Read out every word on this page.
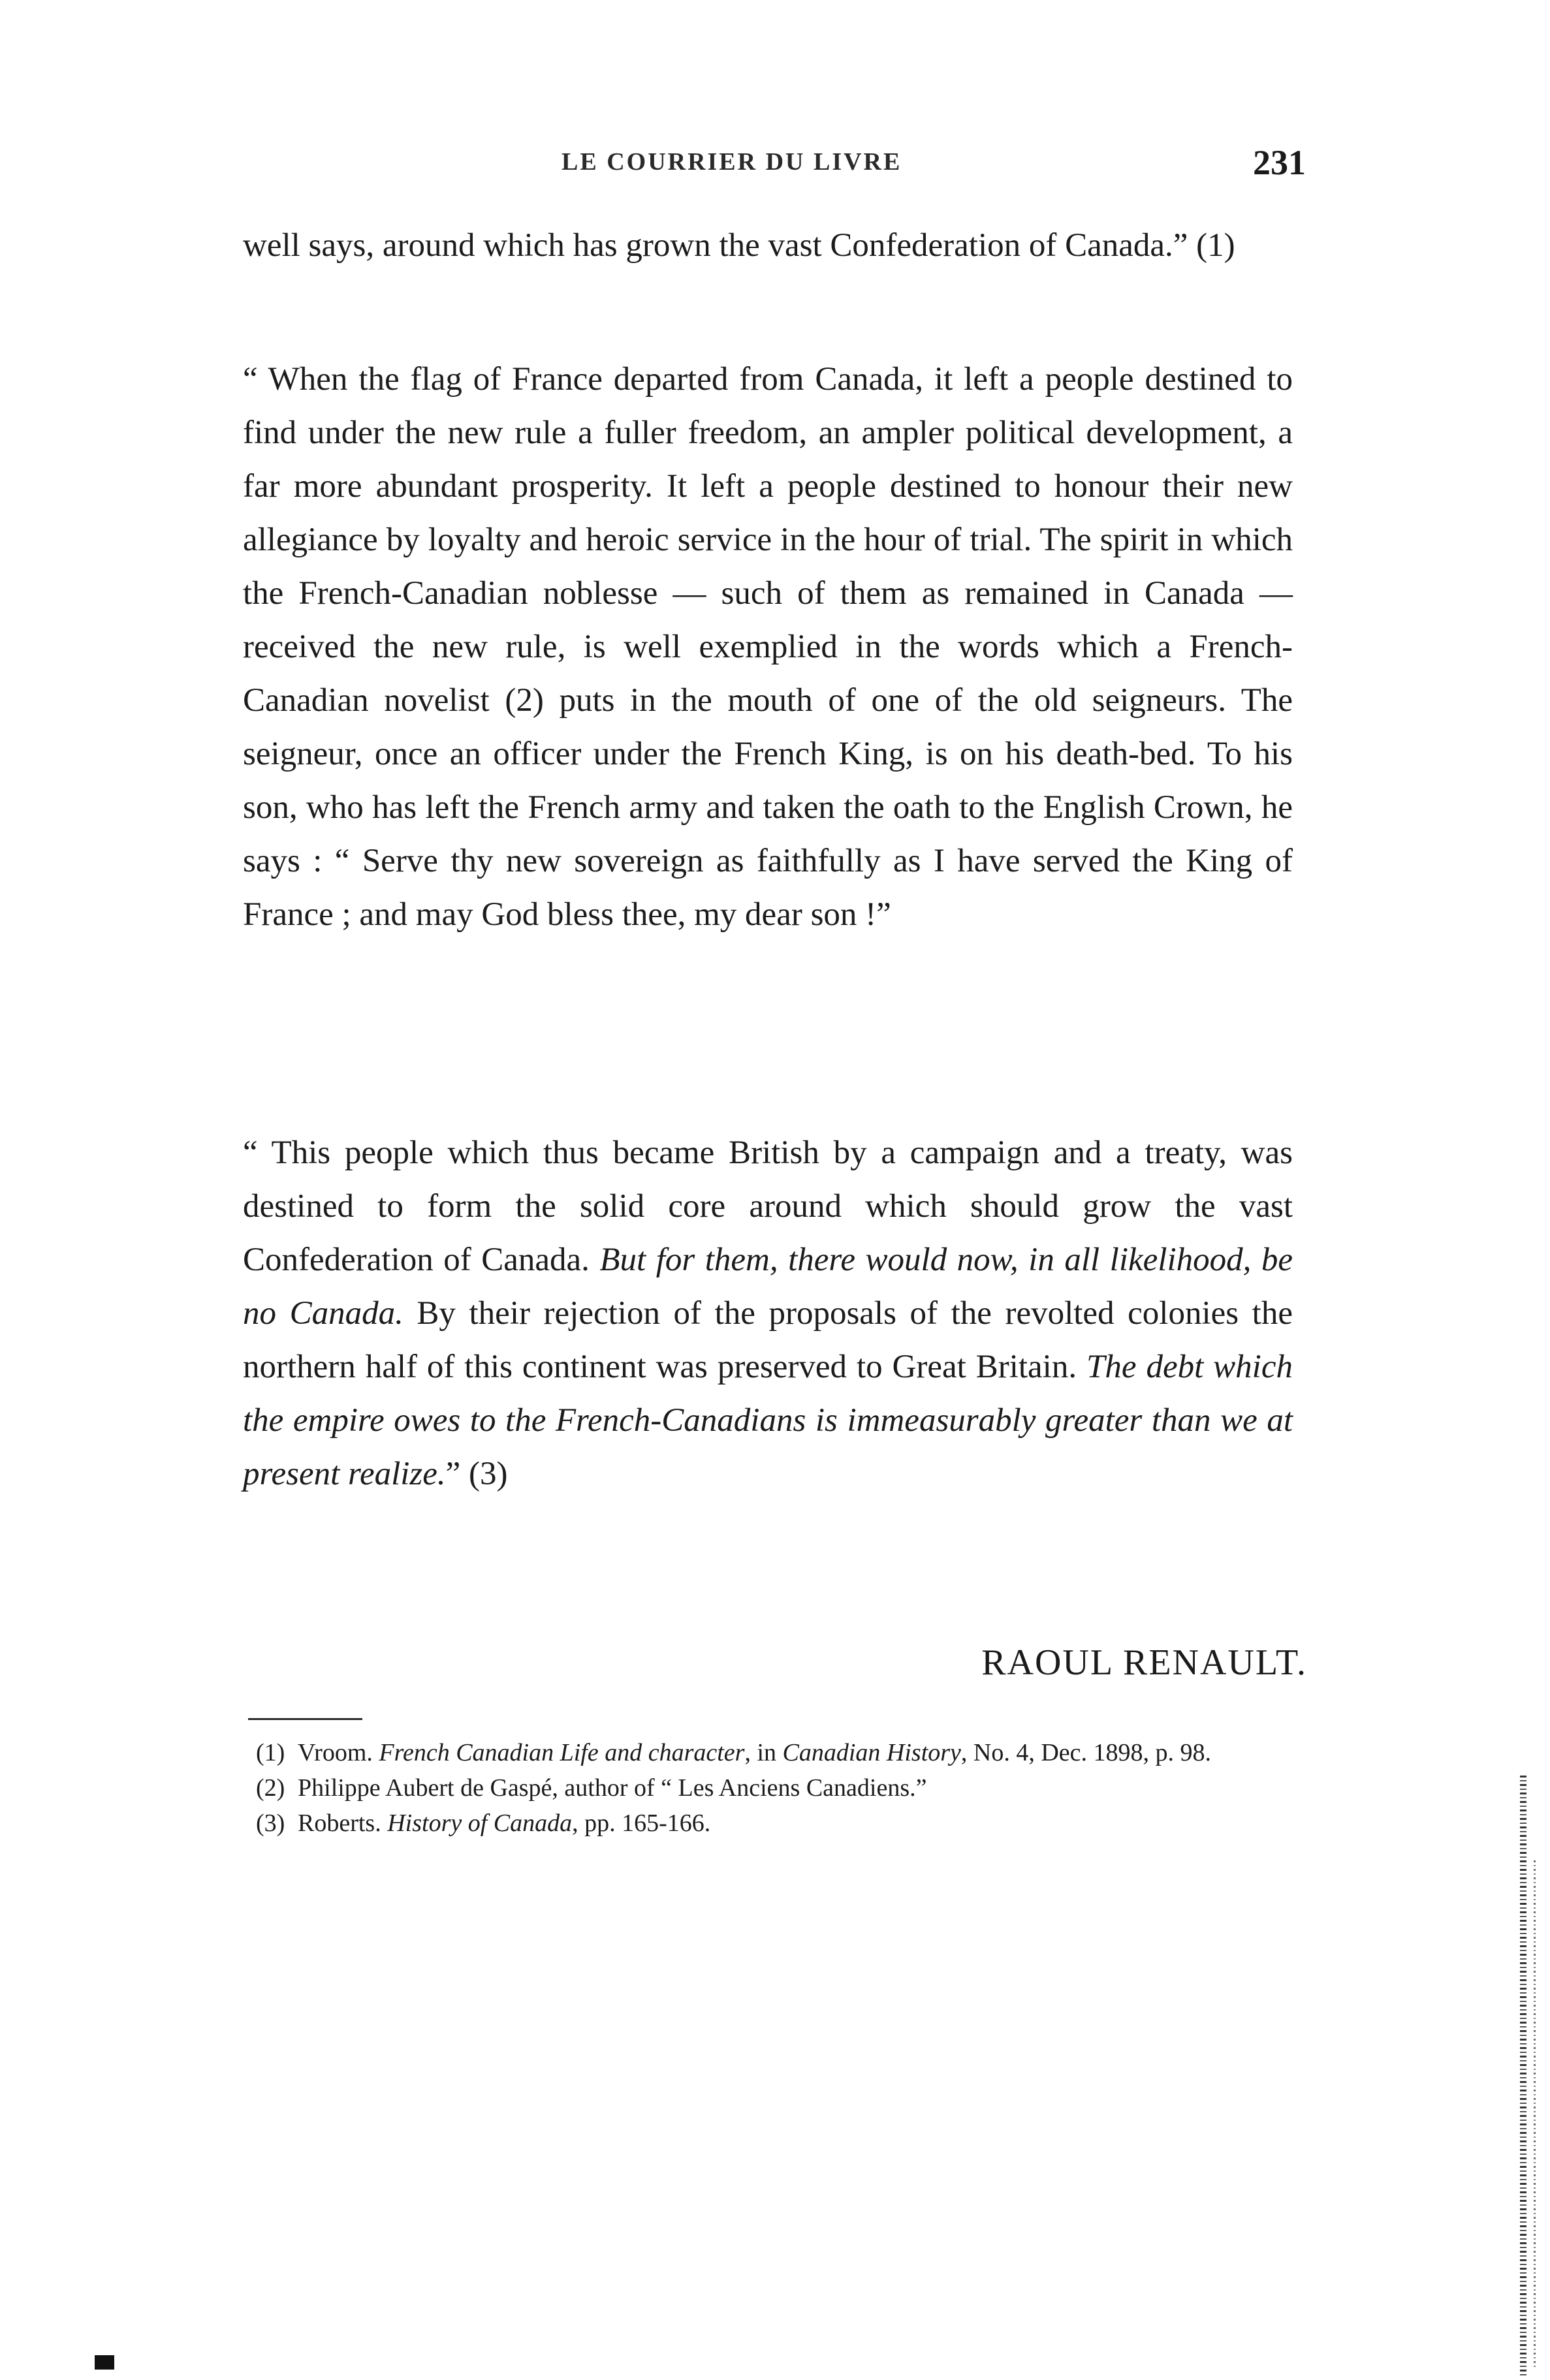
LE COURRIER DU LIVRE	231

well says, around which has grown the vast Confederation of Canada.” (1)

“ When the flag of France departed from Canada, it left a people destined to find under the new rule a fuller freedom, an ampler political development, a far more abundant prosperity. It left a people destined to honour their new allegiance by loyalty and heroic service in the hour of trial. The spirit in which the French-Canadian noblesse — such of them as remained in Canada — received the new rule, is well exemplied in the words which a French-Canadian novelist (2) puts in the mouth of one of the old seigneurs. The seigneur, once an officer under the French King, is on his death-bed. To his son, who has left the French army and taken the oath to the English Crown, he says : “ Serve thy new sovereign as faithfully as I have served the King of France ; and may God bless thee, my dear son !”

“ This people which thus became British by a campaign and a treaty, was destined to form the solid core around which should grow the vast Confederation of Canada. But for them, there would now, in all likelihood, be no Canada. By their rejection of the proposals of the revolted colonies the northern half of this continent was preserved to Great Britain. The debt which the empire owes to the French-Canadians is immeasurably greater than we at present realize.” (3)

RAOUL RENAULT.

(1) Vroom. French Canadian Life and character, in Canadian History, No. 4, Dec. 1898, p. 98.

(2) Philippe Aubert de Gaspé, author of “ Les Anciens Canadiens.”

(3) Roberts. History of Canada, pp. 165-166.
